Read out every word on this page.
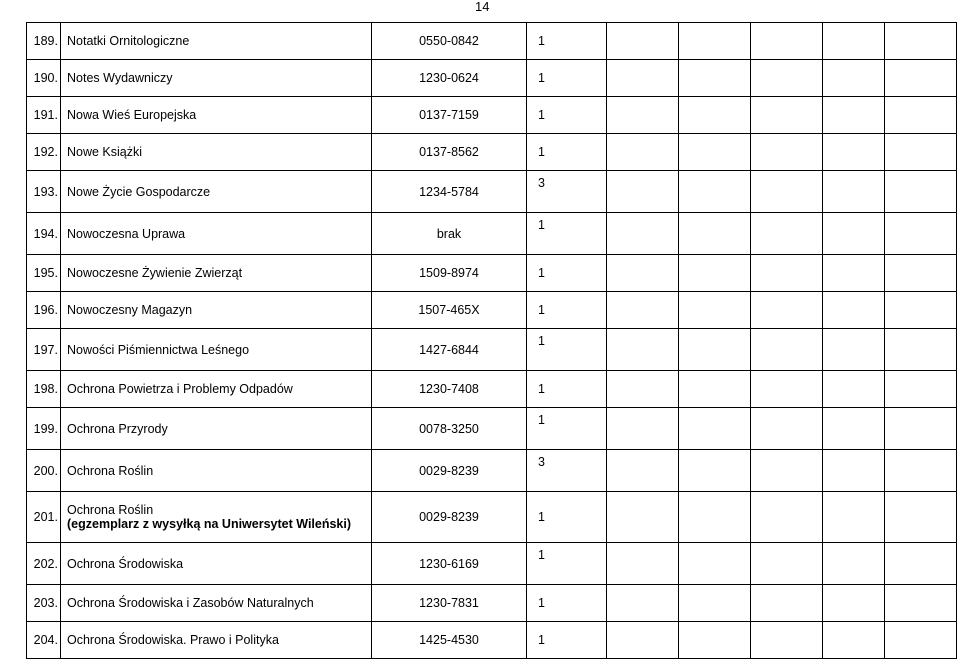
14
189.	Notatki Ornitologiczne	0550-0842	1					
190.	Notes Wydawniczy	1230-0624	1					
191.	Nowa Wieś Europejska	0137-7159	1					
192.	Nowe Książki	0137-8562	1					
193.	Nowe Życie Gospodarcze	1234-5784	3					
194.	Nowoczesna Uprawa	brak	1					
195.	Nowoczesne Żywienie Zwierząt	1509-8974	1					
196.	Nowoczesny Magazyn	1507-465X	1					
197.	Nowości Piśmiennictwa Leśnego	1427-6844	1					
198.	Ochrona Powietrza i Problemy Odpadów	1230-7408	1					
199.	Ochrona Przyrody	0078-3250	1					
200.	Ochrona Roślin	0029-8239	3					
201.	Ochrona Roślin
(egzemplarz z wysyłką na Uniwersytet Wileński)	0029-8239	1					
202.	Ochrona Środowiska	1230-6169	1					
203.	Ochrona Środowiska i Zasobów Naturalnych	1230-7831	1					
204.	Ochrona Środowiska. Prawo i Polityka	1425-4530	1					
